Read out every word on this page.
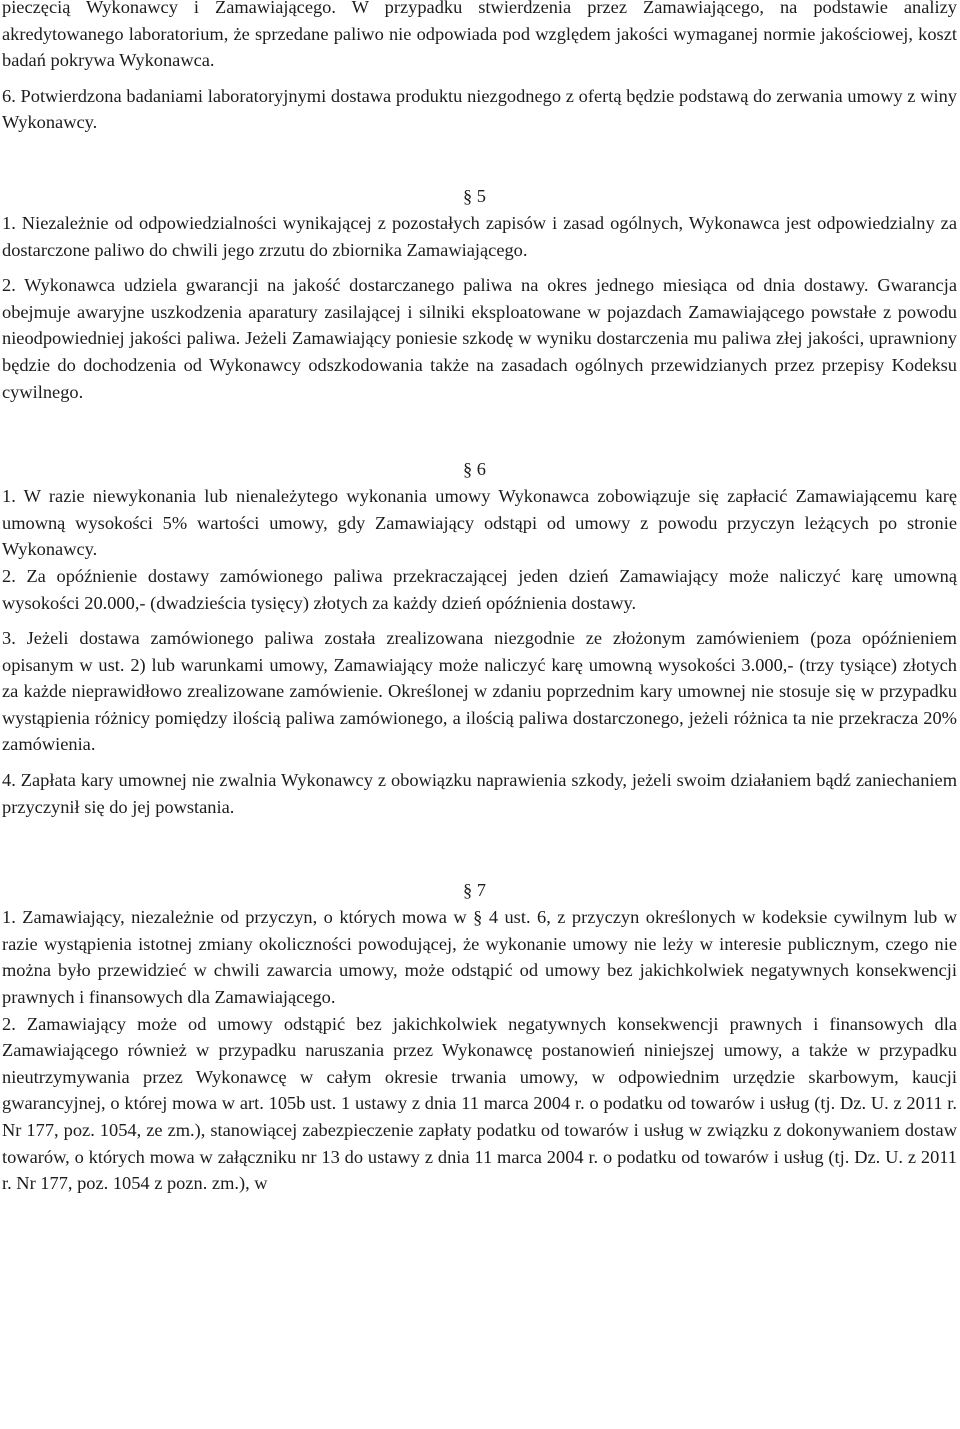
pieczęcią Wykonawcy i Zamawiającego. W przypadku stwierdzenia przez Zamawiającego, na podstawie analizy akredytowanego laboratorium, że sprzedane paliwo nie odpowiada pod względem jakości wymaganej normie jakościowej, koszt badań pokrywa Wykonawca.

6. Potwierdzona badaniami laboratoryjnymi dostawa produktu niezgodnego z ofertą będzie podstawą do zerwania umowy z winy Wykonawcy.

§ 5

1. Niezależnie od odpowiedzialności wynikającej z pozostałych zapisów i zasad ogólnych, Wykonawca jest odpowiedzialny za dostarczone paliwo do chwili jego zrzutu do zbiornika Zamawiającego.

2. Wykonawca udziela gwarancji na jakość dostarczanego paliwa na okres jednego miesiąca od dnia dostawy. Gwarancja obejmuje awaryjne uszkodzenia aparatury zasilającej i silniki eksploatowane w pojazdach Zamawiającego powstałe z powodu nieodpowiedniej jakości paliwa. Jeżeli Zamawiający poniesie szkodę w wyniku dostarczenia mu paliwa złej jakości, uprawniony będzie do dochodzenia od Wykonawcy odszkodowania także na zasadach ogólnych przewidzianych przez przepisy Kodeksu cywilnego.

§ 6

1. W razie niewykonania lub nienależytego wykonania umowy Wykonawca zobowiązuje się zapłacić Zamawiającemu karę umowną wysokości 5% wartości umowy, gdy Zamawiający odstąpi od umowy z powodu przyczyn leżących po stronie Wykonawcy.

2. Za opóźnienie dostawy zamówionego paliwa przekraczającej jeden dzień Zamawiający może naliczyć karę umowną wysokości 20.000,- (dwadzieścia tysięcy) złotych za każdy dzień opóźnienia dostawy.

3. Jeżeli dostawa zamówionego paliwa została zrealizowana niezgodnie ze złożonym zamówieniem (poza opóźnieniem opisanym w ust. 2) lub warunkami umowy, Zamawiający może naliczyć karę umowną wysokości 3.000,- (trzy tysiące) złotych za każde nieprawidłowo zrealizowane zamówienie. Określonej w zdaniu poprzednim kary umownej nie stosuje się w przypadku wystąpienia różnicy pomiędzy ilością paliwa zamówionego, a ilością paliwa dostarczonego, jeżeli różnica ta nie przekracza 20% zamówienia.

4. Zapłata kary umownej nie zwalnia Wykonawcy z obowiązku naprawienia szkody, jeżeli swoim działaniem bądź zaniechaniem przyczynił się do jej powstania.

§ 7

1. Zamawiający, niezależnie od przyczyn, o których mowa w § 4 ust. 6, z przyczyn określonych w kodeksie cywilnym lub w razie wystąpienia istotnej zmiany okoliczności powodującej, że wykonanie umowy nie leży w interesie publicznym, czego nie można było przewidzieć w chwili zawarcia umowy, może odstąpić od umowy bez jakichkolwiek negatywnych konsekwencji prawnych i finansowych dla Zamawiającego.

2. Zamawiający może od umowy odstąpić bez jakichkolwiek negatywnych konsekwencji prawnych i finansowych dla Zamawiającego również w przypadku naruszania przez Wykonawcę postanowień niniejszej umowy, a także w przypadku nieutrzymywania przez Wykonawcę w całym okresie trwania umowy, w odpowiednim urzędzie skarbowym, kaucji gwarancyjnej, o której mowa w art. 105b ust. 1 ustawy z dnia 11 marca 2004 r. o podatku od towarów i usług (tj. Dz. U. z 2011 r. Nr 177, poz. 1054, ze zm.), stanowiącej zabezpieczenie zapłaty podatku od towarów i usług w związku z dokonywaniem dostaw towarów, o których mowa w załączniku nr 13 do ustawy z dnia 11 marca 2004 r. o podatku od towarów i usług (tj. Dz. U. z 2011 r. Nr 177, poz. 1054 z pozn. zm.), w
